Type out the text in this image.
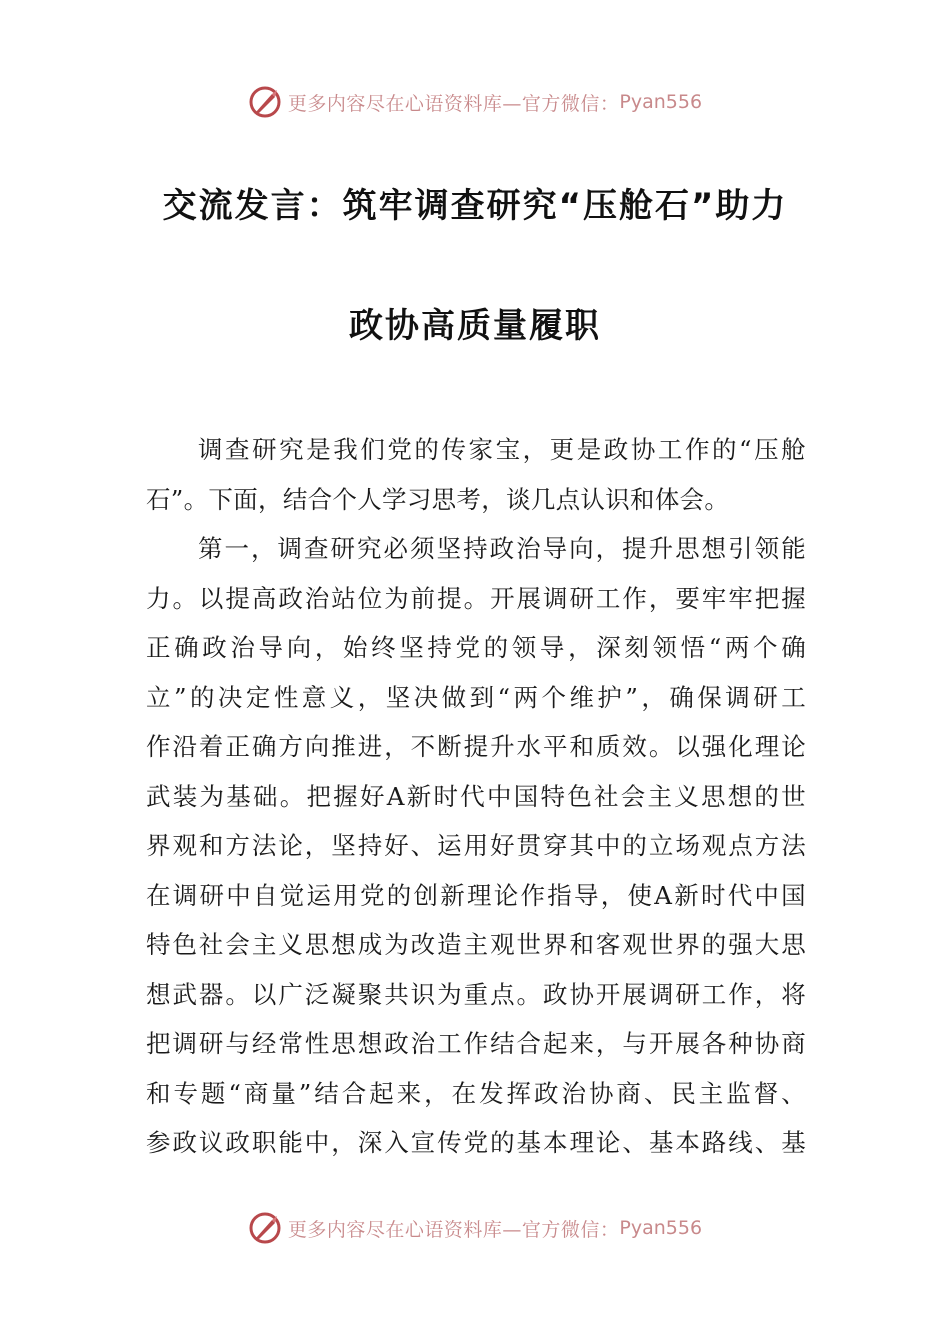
更多内容尽在心语资料库—官方微信： Pyan556
交流发言：筑牢调查研究“压舱石”助力
政协高质量履职
调查研究是我们党的传家宝，更是政协工作的“压舱
石”。下面，结合个人学习思考，谈几点认识和体会。
第一，调查研究必须坚持政治导向，提升思想引领能
力。以提高政治站位为前提。开展调研工作，要牢牢把握
正确政治导向，始终坚持党的领导，深刻领悟“两个确
立”的决定性意义，坚决做到“两个维护”，确保调研工
作沿着正确方向推进，不断提升水平和质效。以强化理论
武装为基础。把握好A新时代中国特色社会主义思想的世
界观和方法论，坚持好、运用好贯穿其中的立场观点方法
在调研中自觉运用党的创新理论作指导，使A新时代中国
特色社会主义思想成为改造主观世界和客观世界的强大思
想武器。以广泛凝聚共识为重点。政协开展调研工作，将
把调研与经常性思想政治工作结合起来，与开展各种协商
和专题“商量”结合起来，在发挥政治协商、民主监督、
参政议政职能中，深入宣传党的基本理论、基本路线、基
更多内容尽在心语资料库—官方微信： Pyan556
